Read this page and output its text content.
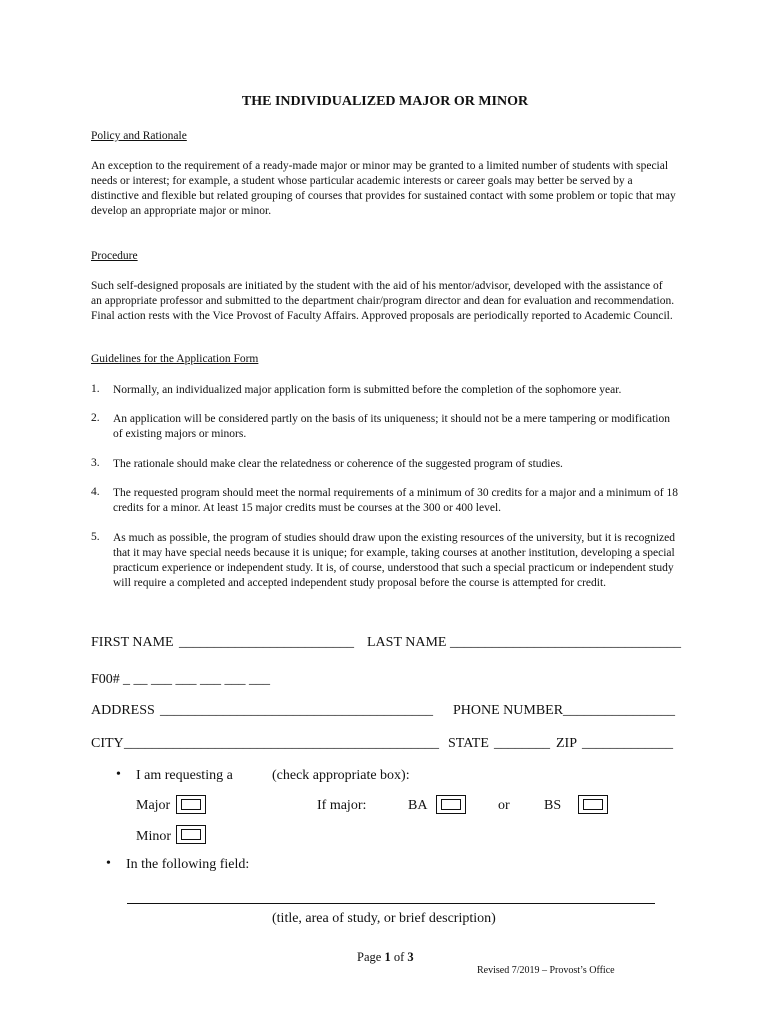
THE INDIVIDUALIZED MAJOR OR MINOR
Policy and Rationale
An exception to the requirement of a ready-made major or minor may be granted to a limited number of students with special needs or interest; for example, a student whose particular academic interests or career goals may better be served by a distinctive and flexible but related grouping of courses that provides for sustained contact with some problem or topic that may develop an appropriate major or minor.
Procedure
Such self-designed proposals are initiated by the student with the aid of his mentor/advisor, developed with the assistance of an appropriate professor and submitted to the department chair/program director and dean for evaluation and recommendation. Final action rests with the Vice Provost of Faculty Affairs. Approved proposals are periodically reported to Academic Council.
Guidelines for the Application Form
1. Normally, an individualized major application form is submitted before the completion of the sophomore year.
2. An application will be considered partly on the basis of its uniqueness; it should not be a mere tampering or modification of existing majors or minors.
3. The rationale should make clear the relatedness or coherence of the suggested program of studies.
4. The requested program should meet the normal requirements of a minimum of 30 credits for a major and a minimum of 18 credits for a minor. At least 15 major credits must be courses at the 300 or 400 level.
5. As much as possible, the program of studies should draw upon the existing resources of the university, but it is recognized that it may have special needs because it is unique; for example, taking courses at another institution, developing a special practicum experience or independent study. It is, of course, understood that such a special practicum or independent study will require a completed and accepted independent study proposal before the course is attempted for credit.
FIRST NAME _________________________ LAST NAME _________________________________
F00# _ __ ___ ___ ___ ___ ___
ADDRESS _______________________________________ PHONE NUMBER ________________
CITY _____________________________________________ STATE ________ ZIP _____________
• I am requesting a	(check appropriate box):
Major	If major:	BA	or BS
Minor
• In the following field:
(title, area of study, or brief description)
Page 1 of 3
Revised 7/2019 – Provost’s Office
